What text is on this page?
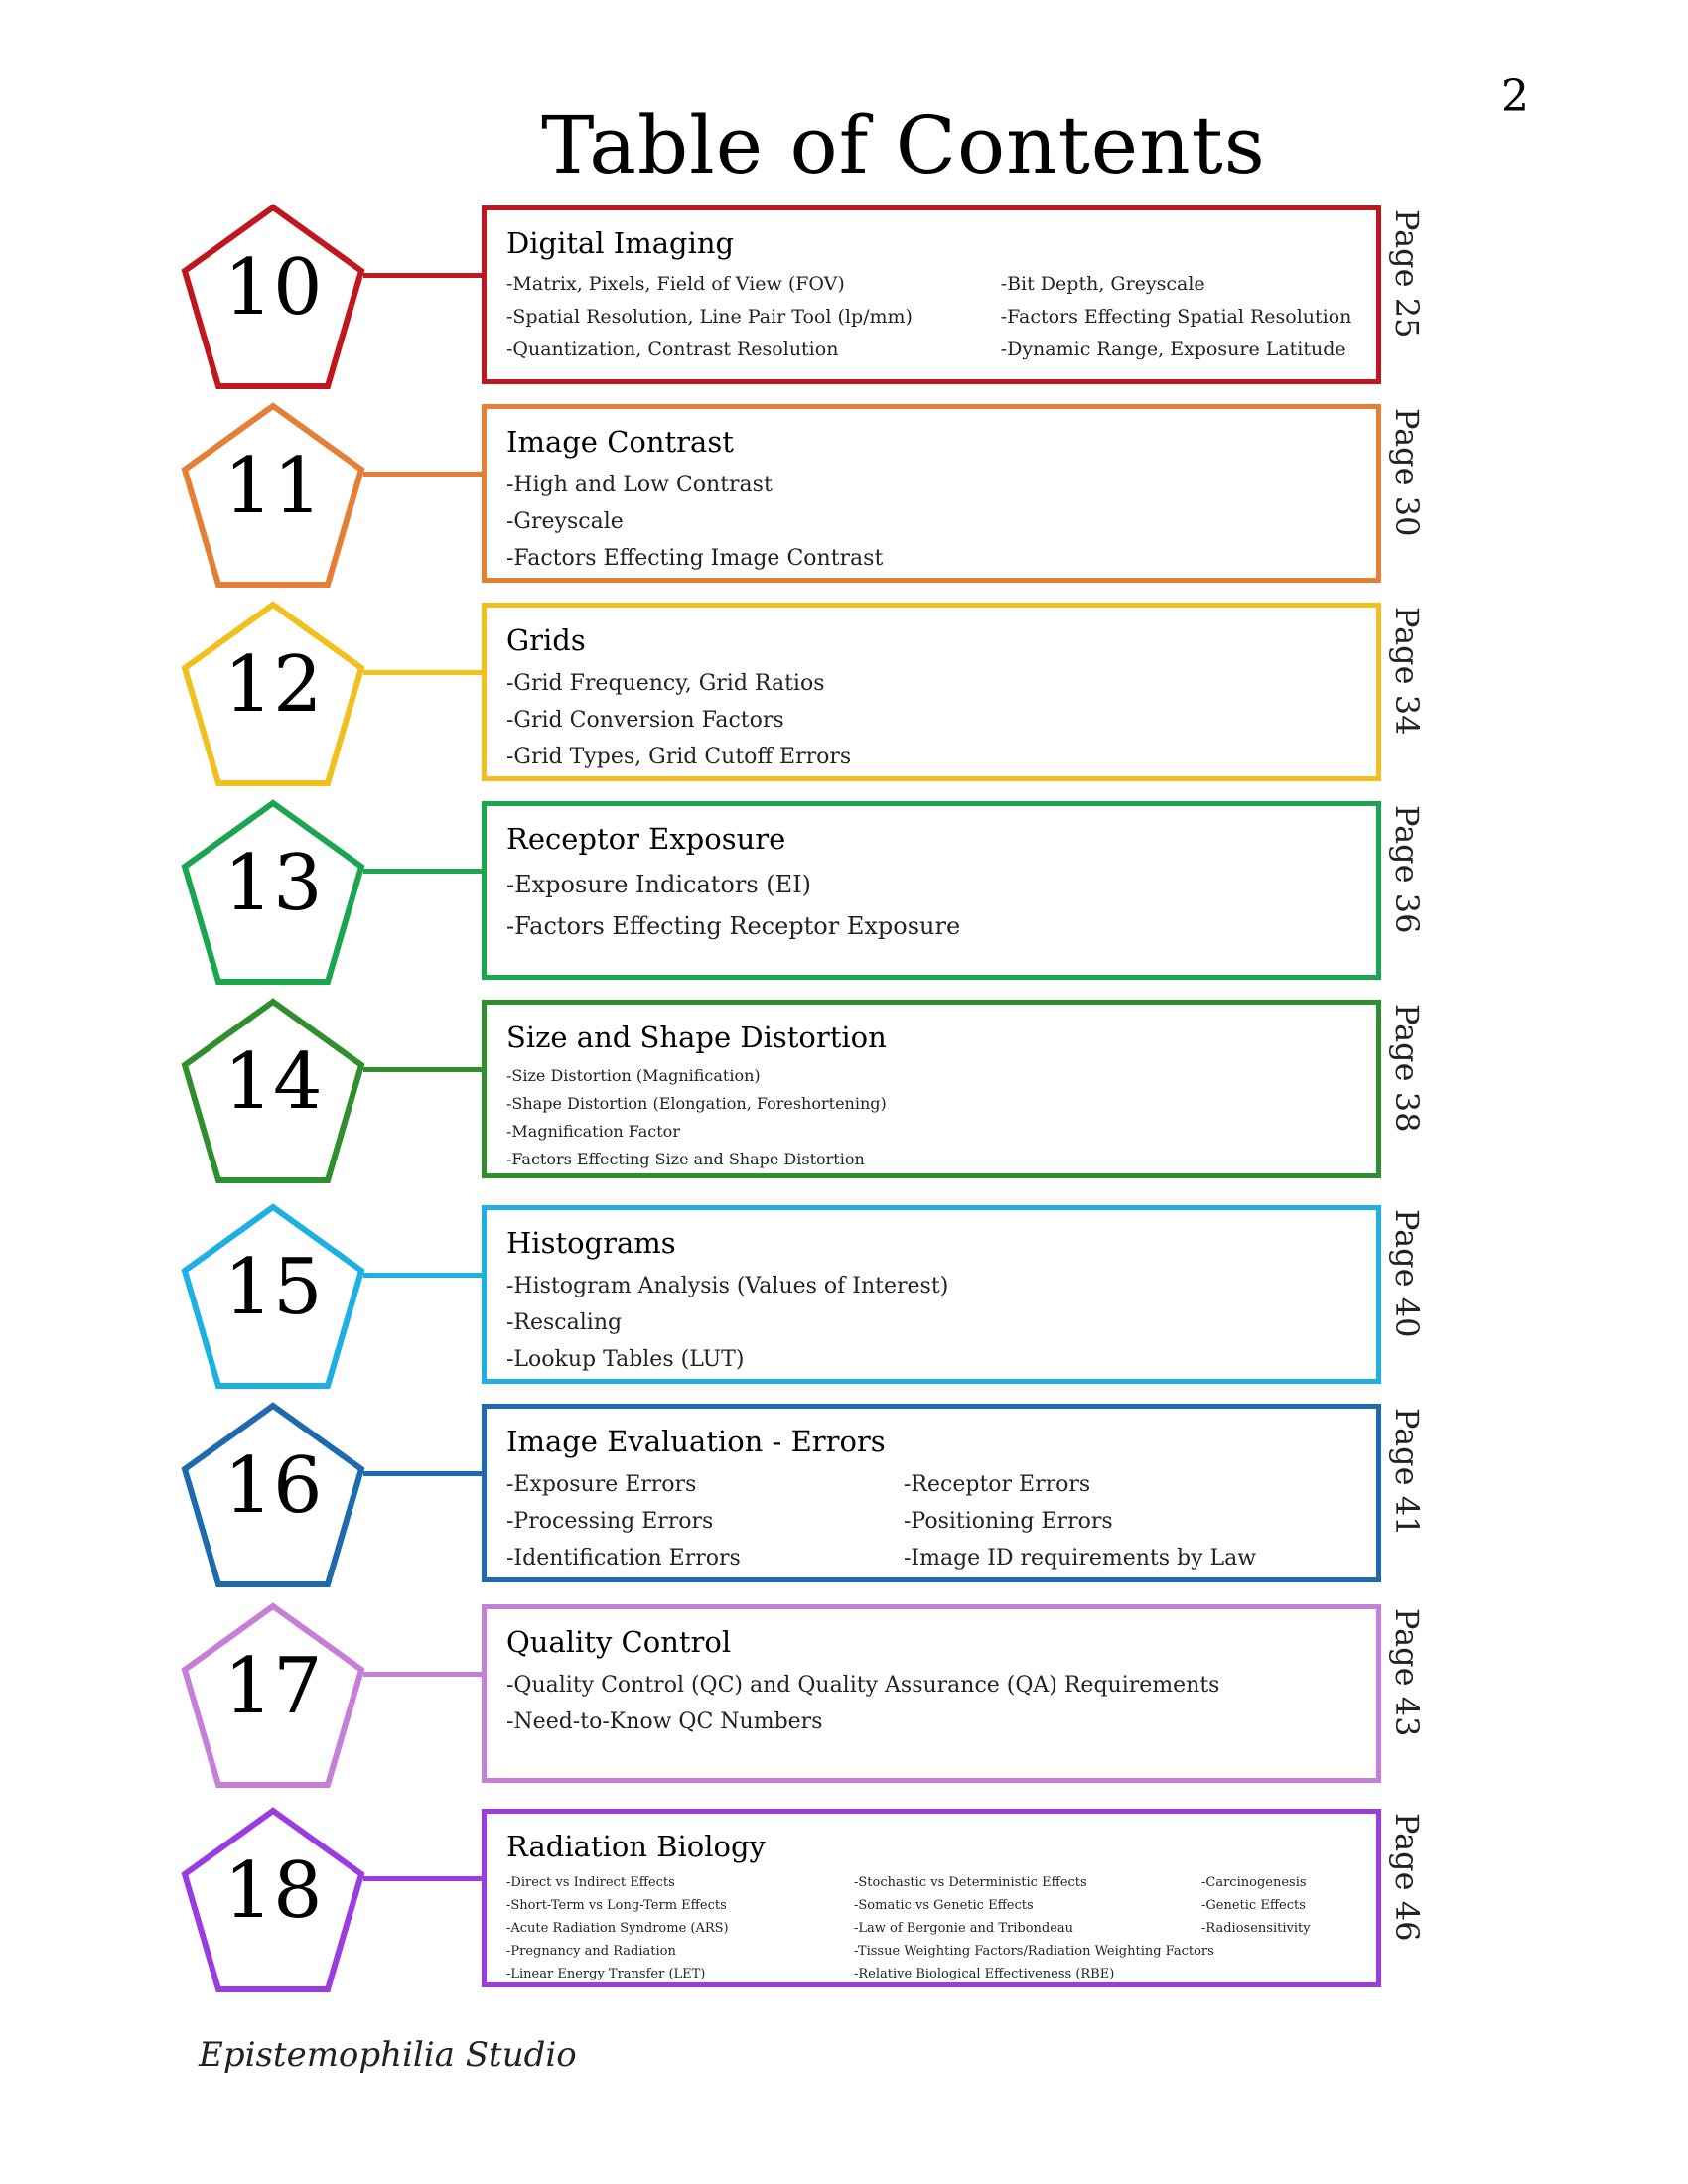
2
Table of Contents
10	Digital Imaging
-Matrix, Pixels, Field of View (FOV)
-Spatial Resolution, Line Pair Tool (lp/mm)
-Quantization, Contrast Resolution
-Bit Depth, Greyscale
-Factors Effecting Spatial Resolution
-Dynamic Range, Exposure Latitude
Page 25
11	Image Contrast
-High and Low Contrast
-Greyscale
-Factors Effecting Image Contrast
Page 30
12	Grids
-Grid Frequency, Grid Ratios
-Grid Conversion Factors
-Grid Types, Grid Cutoff Errors
Page 34
13	Receptor Exposure
-Exposure Indicators (EI)
-Factors Effecting Receptor Exposure	Page 36
14	Size and Shape Distortion
-Size Distortion (Magnification)
-Shape Distortion (Elongation, Foreshortening)
-Magnification Factor
-Factors Effecting Size and Shape Distortion
Page 38
15	Histograms
-Histogram Analysis (Values of Interest)
-Rescaling
-Lookup Tables (LUT)
Page 40
16	Image Evaluation - Errors
-Exposure Errors
-Processing Errors
-Identification Errors
-Receptor Errors
-Positioning Errors
-Image ID requirements by Law
Page 41
17	Quality Control
-Quality Control (QC) and Quality Assurance (QA) Requirements
-Need-to-Know QC Numbers	Page 43
18	Radiation Biology
-Direct vs Indirect Effects
-Short-Term vs Long-Term Effects
-Acute Radiation Syndrome (ARS)
-Pregnancy and Radiation
-Linear Energy Transfer (LET)
-Stochastic vs Deterministic Effects
-Somatic vs Genetic Effects
-Law of Bergonie and Tribondeau
-Tissue Weighting Factors/Radiation Weighting Factors
-Relative Biological Effectiveness (RBE)
-Carcinogenesis
-Genetic Effects
-Radiosensitivity	Page 46
Epistemophilia Studio
